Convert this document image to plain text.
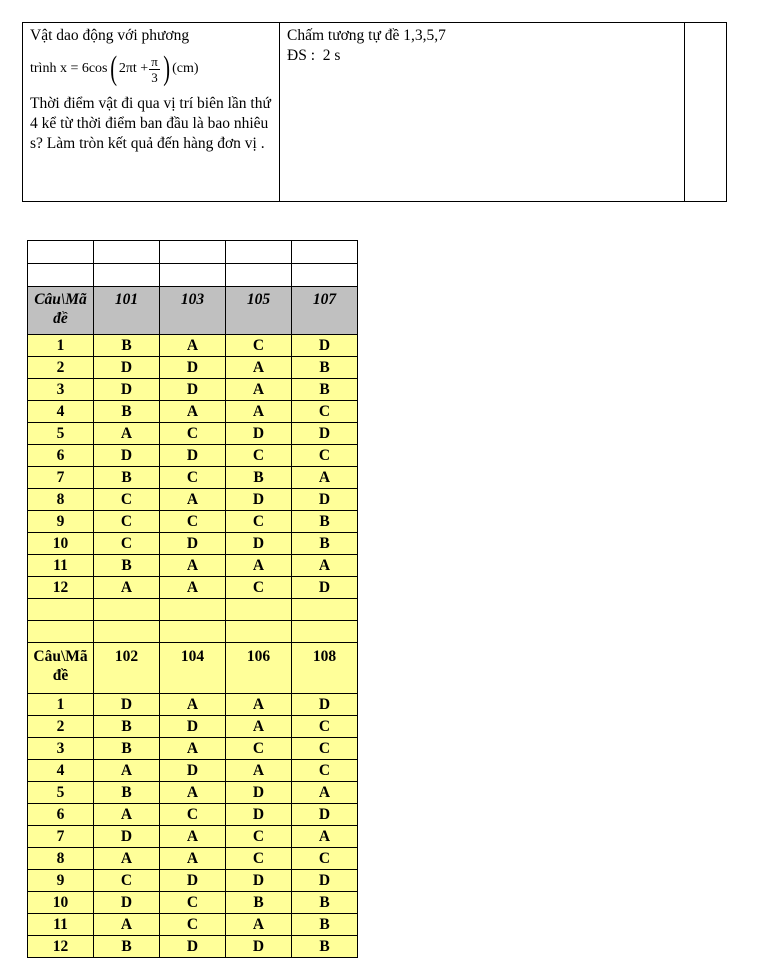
Vật dao động với phương
trình x = 6cos ( $2\pi t + \frac{\pi}{3}$ ) (cm)
Thời điểm vật đi qua vị trí biên lần thứ 4 kể từ thời điểm ban đầu là bao nhiêu s? Làm tròn kết quả đến hàng đơn vị .

Chấm tương tự đề 1,3,5,7
ĐS :  2 s

Câu\Mã đề	101	103	105	107
1	B	A	C	D
2	D	D	A	B
3	D	D	A	B
4	B	A	A	C
5	A	C	D	D
6	D	D	C	C
7	B	C	B	A
8	C	A	D	D
9	C	C	C	B
10	C	D	D	B
11	B	A	A	A
12	A	A	C	D

Câu\Mã đề	102	104	106	108
1	D	A	A	D
2	B	D	A	C
3	B	A	C	C
4	A	D	A	C
5	B	A	D	A
6	A	C	D	D
7	D	A	C	A
8	A	A	C	C
9	C	D	D	D
10	D	C	B	B
11	A	C	A	B
12	B	D	D	B
